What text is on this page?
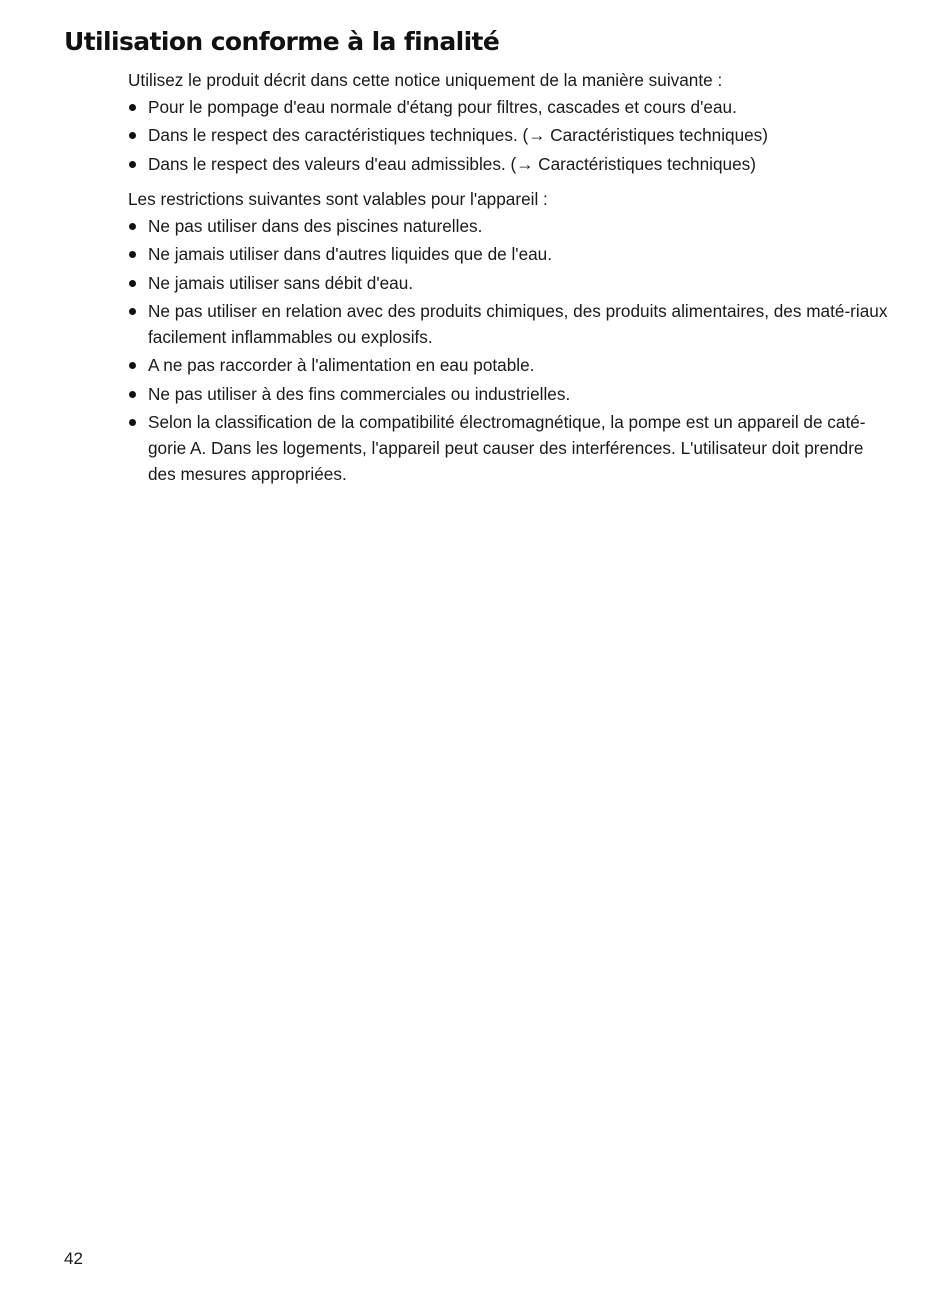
Utilisation conforme à la finalité

Utilisez le produit décrit dans cette notice uniquement de la manière suivante :

Pour le pompage d'eau normale d'étang pour filtres, cascades et cours d'eau.
Dans le respect des caractéristiques techniques. (→ Caractéristiques techniques)
Dans le respect des valeurs d'eau admissibles. (→ Caractéristiques techniques)

Les restrictions suivantes sont valables pour l'appareil :

Ne pas utiliser dans des piscines naturelles.
Ne jamais utiliser dans d'autres liquides que de l'eau.
Ne jamais utiliser sans débit d'eau.
Ne pas utiliser en relation avec des produits chimiques, des produits alimentaires, des maté-riaux facilement inflammables ou explosifs.
A ne pas raccorder à l'alimentation en eau potable.
Ne pas utiliser à des fins commerciales ou industrielles.
Selon la classification de la compatibilité électromagnétique, la pompe est un appareil de caté-gorie A. Dans les logements, l'appareil peut causer des interférences. L'utilisateur doit prendre des mesures appropriées.
42
